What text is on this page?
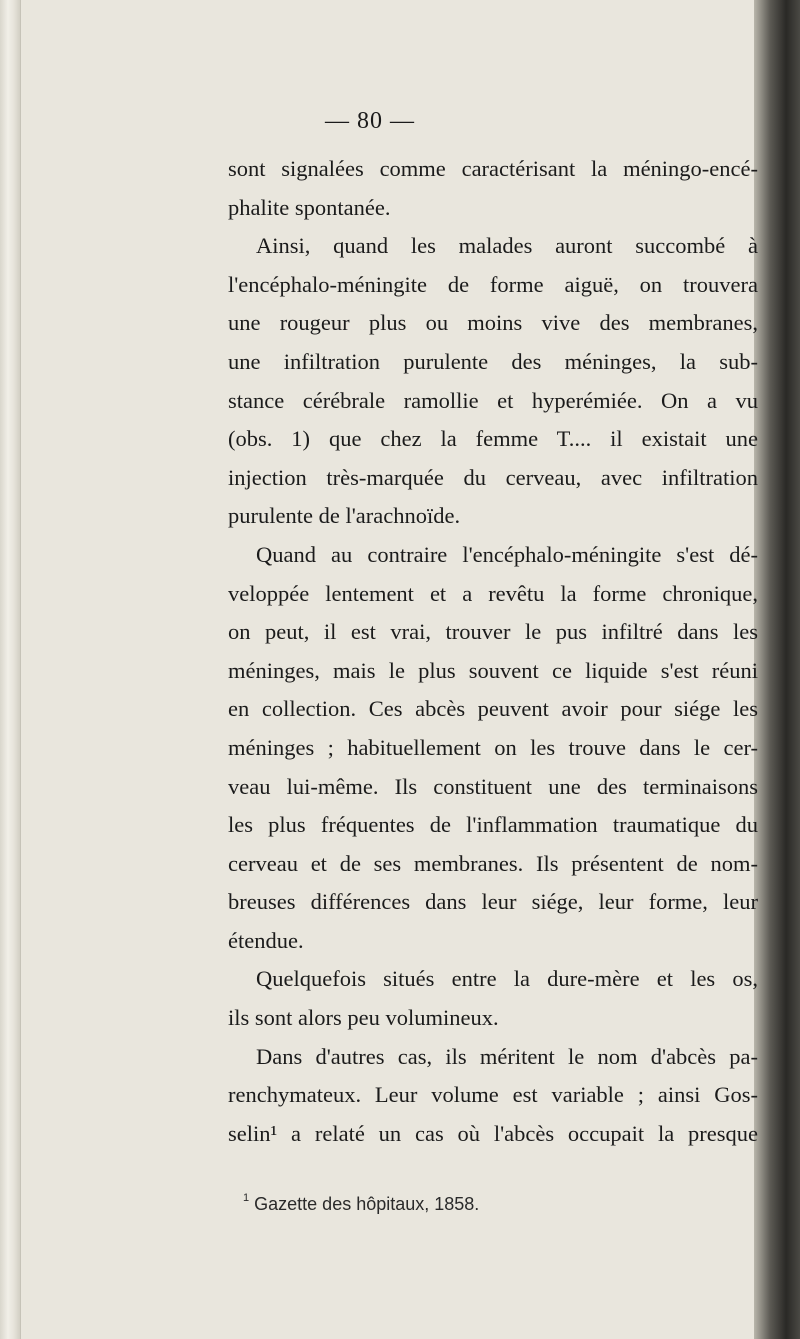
— 80 —
sont signalées comme caractérisant la méningo-encé-
phalite spontanée.
Ainsi, quand les malades auront succombé à
l'encéphalo-méningite de forme aiguë, on trouvera
une rougeur plus ou moins vive des membranes,
une infiltration purulente des méninges, la sub-
stance cérébrale ramollie et hyperémiée. On a vu
(obs. 1) que chez la femme T.... il existait une
injection très-marquée du cerveau, avec infiltration
purulente de l'arachnoïde.
Quand au contraire l'encéphalo-méningite s'est dé-
veloppée lentement et a revêtu la forme chronique,
on peut, il est vrai, trouver le pus infiltré dans les
méninges, mais le plus souvent ce liquide s'est réuni
en collection. Ces abcès peuvent avoir pour siége les
méninges ; habituellement on les trouve dans le cer-
veau lui-même. Ils constituent une des terminaisons
les plus fréquentes de l'inflammation traumatique du
cerveau et de ses membranes. Ils présentent de nom-
breuses différences dans leur siége, leur forme, leur
étendue.
Quelquefois situés entre la dure-mère et les os,
ils sont alors peu volumineux.
Dans d'autres cas, ils méritent le nom d'abcès pa-
renchymateux. Leur volume est variable ; ainsi Gos-
selin¹ a relaté un cas où l'abcès occupait la presque
$^1$ Gazette des hôpitaux, 1858.
